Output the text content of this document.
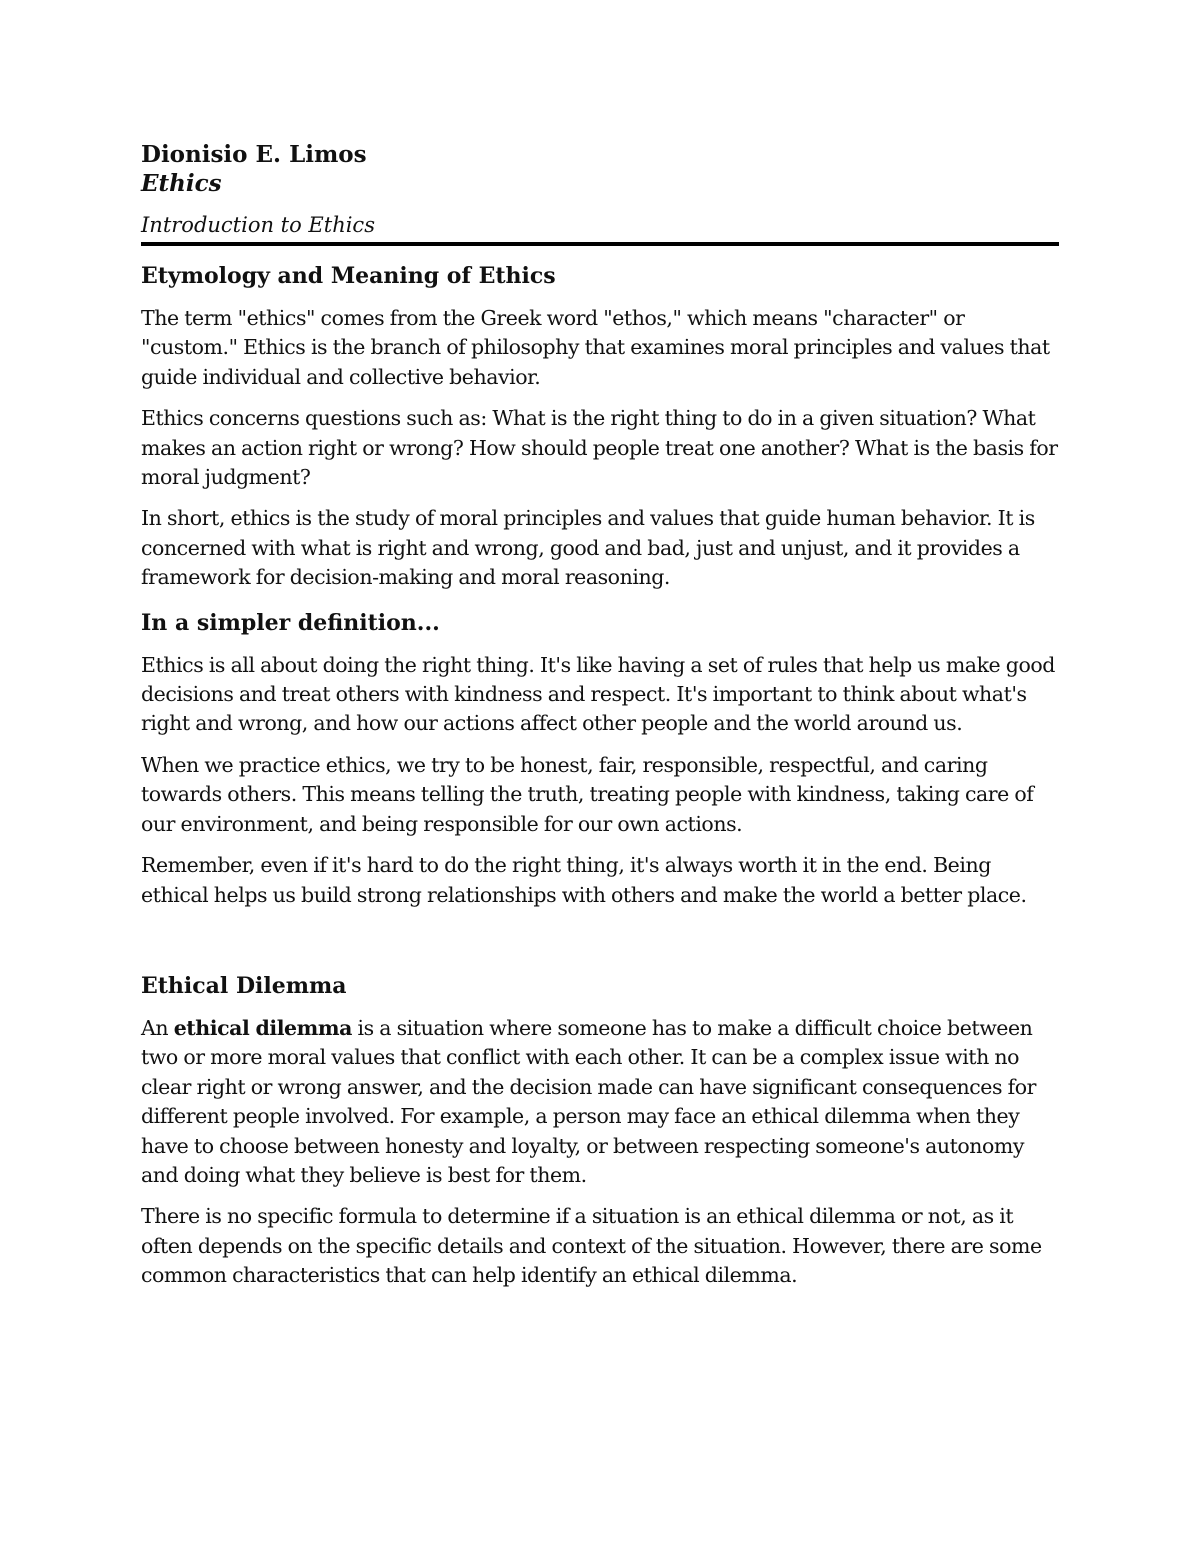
Dionisio E. Limos
Ethics
Introduction to Ethics
Etymology and Meaning of Ethics

The term "ethics" comes from the Greek word "ethos," which means "character" or "custom." Ethics is the branch of philosophy that examines moral principles and values that guide individual and collective behavior.

Ethics concerns questions such as: What is the right thing to do in a given situation? What makes an action right or wrong? How should people treat one another? What is the basis for moral judgment?

In short, ethics is the study of moral principles and values that guide human behavior. It is concerned with what is right and wrong, good and bad, just and unjust, and it provides a framework for decision-making and moral reasoning.

In a simpler definition...

Ethics is all about doing the right thing. It's like having a set of rules that help us make good decisions and treat others with kindness and respect. It's important to think about what's right and wrong, and how our actions affect other people and the world around us.

When we practice ethics, we try to be honest, fair, responsible, respectful, and caring towards others. This means telling the truth, treating people with kindness, taking care of our environment, and being responsible for our own actions.

Remember, even if it's hard to do the right thing, it's always worth it in the end. Being ethical helps us build strong relationships with others and make the world a better place.

Ethical Dilemma

An ethical dilemma is a situation where someone has to make a difficult choice between two or more moral values that conflict with each other. It can be a complex issue with no clear right or wrong answer, and the decision made can have significant consequences for different people involved. For example, a person may face an ethical dilemma when they have to choose between honesty and loyalty, or between respecting someone's autonomy and doing what they believe is best for them.

There is no specific formula to determine if a situation is an ethical dilemma or not, as it often depends on the specific details and context of the situation. However, there are some common characteristics that can help identify an ethical dilemma.
